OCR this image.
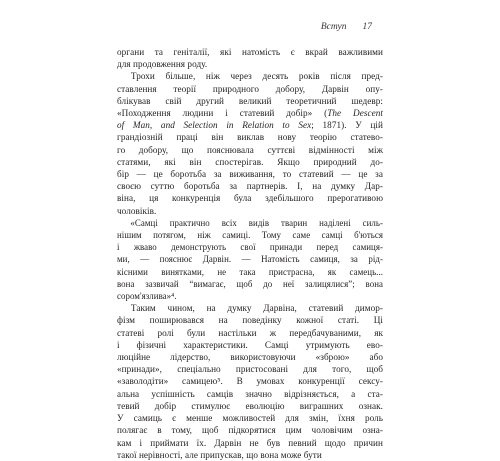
Вступ 17

органи та геніталії, які натомість є вкрай важливими
для продовження роду.

  Трохи більше, ніж через десять років після пред-
ставлення теорії природного добору, Дарвін опу-
блікував свій другий великий теоретичний шедевр:
«Походження людини і статевий добір» (The Descent
of Man, and Selection in Relation to Sex; 1871). У цій
грандіозній праці він виклав нову теорію статево-
го добору, що пояснювала суттєві відмінності між
статями, які він спостерігав. Якщо природний до-
бір — це боротьба за виживання, то статевий — це за
своєю суттю боротьба за партнерів. І, на думку Дар-
віна, ця конкуренція була здебільшого прерогативою
чоловіків.

  «Самці практично всіх видів тварин наділені силь-
нішим потягом, ніж самиці. Тому саме самці б'ються
і жваво демонструють свої принади перед самиця-
ми, — пояснює Дарвін. — Натомість самиця, за рід-
кісними винятками, не така пристрасна, як самець...
вона зазвичай “вимагає, щоб до неї залицялися”; вона
сором'язлива»⁴.

  Таким чином, на думку Дарвіна, статевий димор-
фізм поширювався на поведінку кожної статі. Ці
статеві ролі були настільки ж передбачуваними, як
і фізичні характеристики. Самці утримують ево-
люційне лідерство, використовуючи «зброю» або
«принади», спеціально пристосовані для того, щоб
«заволодіти» самицею⁵. В умовах конкуренції сексу-
альна успішність самців значно відрізняється, а ста-
тевий добір стимулює еволюцію виграшних ознак.
У самиць є менше можливостей для змін, їхня роль
полягає в тому, щоб підкорятися цим чоловічим озна-
кам і приймати їх. Дарвін не був певний щодо причин
такої нерівності, але припускав, що вона може бути
